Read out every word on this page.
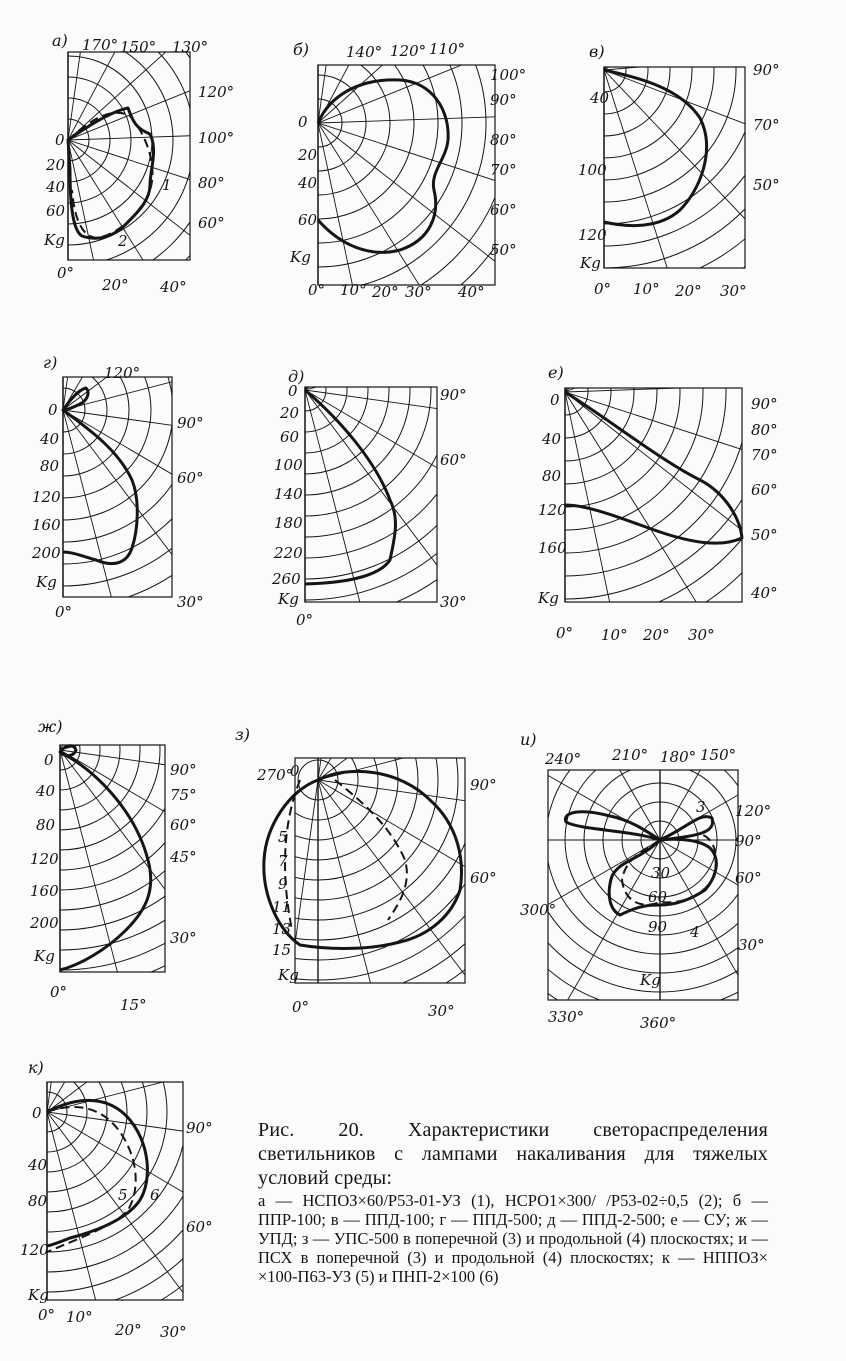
а) 170° 150° 130°
120°
100°
80°
60°
0°
20° 40°
0
20
40
60
Kg
1
2
б) 140° 120° 110°
100°
90°
80°
70°
60°
50°
0° 10° 20° 30° 40°
0
20
40
60
Kg
в)
90°
70°
50°
0° 10° 20° 30°
40
100
120
Kg
г)
120°
90°
60°
30°
0°
0
40
80
120
160
200
Kg
д)
90°
60°
30°
0°
0
20
60
100
140
180
220
260
Kg
е)
90°
80°
70°
60°
50°
40°
0° 10° 20° 30°
0
40
80
120
160
Kg
ж)
90°
75°
60°
45°
30°
0°
15°
0
40
80
120
160
200
Kg
з)
270°
90°
60°
0°	30°
0
5
7
9
11
13
15
Kg
и)
240° 210° 180° 150°
120°
90°
60°
30°
330°	360°
300°
30
60
90
Kg
3
4
к)
90°
60°
0° 10°
20° 30°
0
40
80
120
Kg
5 6
Рис. 20. Характеристики светораспределения светильников с лампами накаливания для тяжелых условий среды:
а — НСПОЗ×60/Р53-01-УЗ (1), НСРО1×300/ /Р53-02÷0,5 (2); б — ППР-100; в — ППД-100; г — ППД-500; д — ППД-2-500; е — СУ; ж — УПД; з — УПС-500 в поперечной (3) и продольной (4) плоскостях; и — ПСХ в поперечной (3) и продольной (4) плоскостях; к — НППОЗ× ×100-П63-УЗ (5) и ПНП-2×100 (6)
